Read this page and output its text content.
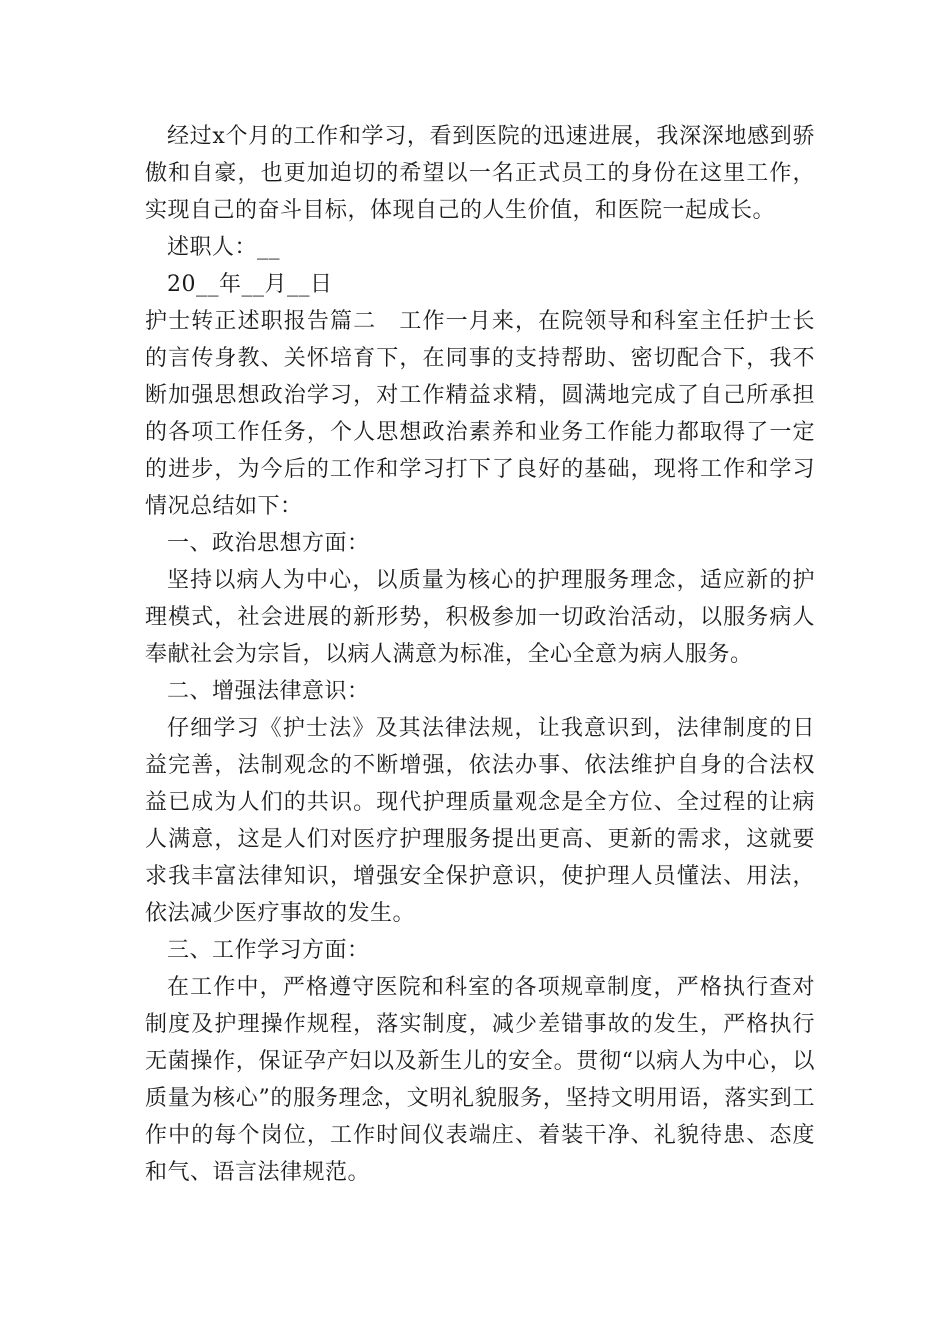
经过x个月的工作和学习，看到医院的迅速进展，我深深地感到骄傲和自豪，也更加迫切的希望以一名正式员工的身份在这里工作，实现自己的奋斗目标，体现自己的人生价值，和医院一起成长。

述职人：__

20__年__月__日

护士转正述职报告篇二　工作一月来，在院领导和科室主任护士长的言传身教、关怀培育下，在同事的支持帮助、密切配合下，我不断加强思想政治学习，对工作精益求精，圆满地完成了自己所承担的各项工作任务，个人思想政治素养和业务工作能力都取得了一定的进步，为今后的工作和学习打下了良好的基础，现将工作和学习情况总结如下：

一、政治思想方面：

坚持以病人为中心，以质量为核心的护理服务理念，适应新的护理模式，社会进展的新形势，积极参加一切政治活动，以服务病人奉献社会为宗旨，以病人满意为标准，全心全意为病人服务。

二、增强法律意识：

仔细学习《护士法》及其法律法规，让我意识到，法律制度的日益完善，法制观念的不断增强，依法办事、依法维护自身的合法权益已成为人们的共识。现代护理质量观念是全方位、全过程的让病人满意，这是人们对医疗护理服务提出更高、更新的需求，这就要求我丰富法律知识，增强安全保护意识，使护理人员懂法、用法，依法减少医疗事故的发生。

三、工作学习方面：

在工作中，严格遵守医院和科室的各项规章制度，严格执行查对制度及护理操作规程，落实制度，减少差错事故的发生，严格执行无菌操作，保证孕产妇以及新生儿的安全。贯彻“以病人为中心，以质量为核心”的服务理念，文明礼貌服务，坚持文明用语，落实到工作中的每个岗位，工作时间仪表端庄、着装干净、礼貌待患、态度和气、语言法律规范。
